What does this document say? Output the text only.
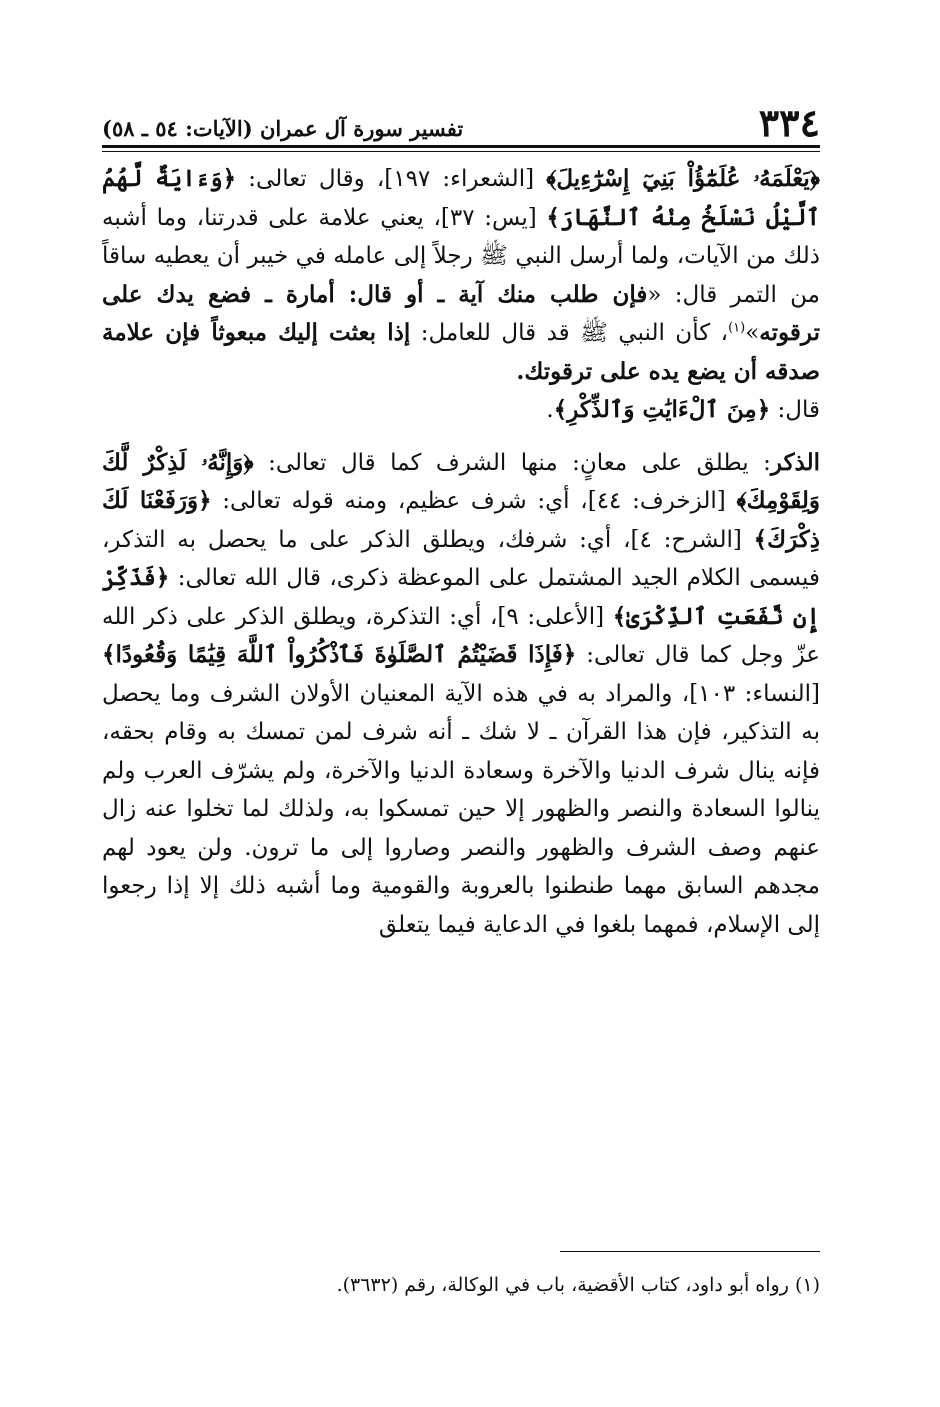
تفسير سورة آل عمران (الآيات: ٥٤ ـ ٥٨)	٣٣٤

﴿يَعْلَمَهُۥ عُلَمَٰٓؤُاْ بَنِيٓ إِسْرَٰٓءِيلَ﴾ [الشعراء: ١٩٧]، وقال تعالى: ﴿وَءَايَةٌ لَّهُمُ ٱلَّيْلُ نَسْلَخُ مِنْهُ ٱلنَّهَارَ﴾ [يس: ٣٧]، يعني علامة على قدرتنا، وما أشبه ذلك من الآيات، ولما أرسل النبي ﷺ رجلاً إلى عامله في خيبر أن يعطيه ساقاً من التمر قال: «فإن طلب منك آية ـ أو قال: أمارة ـ فضع يدك على ترقوته»$^{(١)}$، كأن النبي ﷺ قد قال للعامل: إذا بعثت إليك مبعوثاً فإن علامة صدقه أن يضع يده على ترقوتك.

قال: ﴿مِنَ ٱلْءَايَٰتِ وَٱلذِّكْرِ﴾.

الذكر: يطلق على معانٍ: منها الشرف كما قال تعالى: ﴿وَإِنَّهُۥ لَذِكْرٌ لَّكَ وَلِقَوْمِكَ﴾ [الزخرف: ٤٤]، أي: شرف عظيم، ومنه قوله تعالى: ﴿وَرَفَعْنَا لَكَ ذِكْرَكَ﴾ [الشرح: ٤]، أي: شرفك، ويطلق الذكر على ما يحصل به التذكر، فيسمى الكلام الجيد المشتمل على الموعظة ذكرى، قال الله تعالى: ﴿فَذَكِّرْ إِن نَّفَعَتِ ٱلذِّكْرَىٰ﴾ [الأعلى: ٩]، أي: التذكرة، ويطلق الذكر على ذكر الله عزّ وجل كما قال تعالى: ﴿فَإِذَا قَضَيْتُمُ ٱلصَّلَوٰةَ فَٱذْكُرُواْ ٱللَّهَ قِيَٰمًا وَقُعُودًا﴾ [النساء: ١٠٣]، والمراد به في هذه الآية المعنيان الأولان الشرف وما يحصل به التذكير، فإن هذا القرآن ـ لا شك ـ أنه شرف لمن تمسك به وقام بحقه، فإنه ينال شرف الدنيا والآخرة وسعادة الدنيا والآخرة، ولم يشرّف العرب ولم ينالوا السعادة والنصر والظهور إلا حين تمسكوا به، ولذلك لما تخلوا عنه زال عنهم وصف الشرف والظهور والنصر وصاروا إلى ما ترون. ولن يعود لهم مجدهم السابق مهما طنطنوا بالعروبة والقومية وما أشبه ذلك إلا إذا رجعوا إلى الإسلام، فمهما بلغوا في الدعاية فيما يتعلق

(١) رواه أبو داود، كتاب الأقضية، باب في الوكالة، رقم (٣٦٣٢).
